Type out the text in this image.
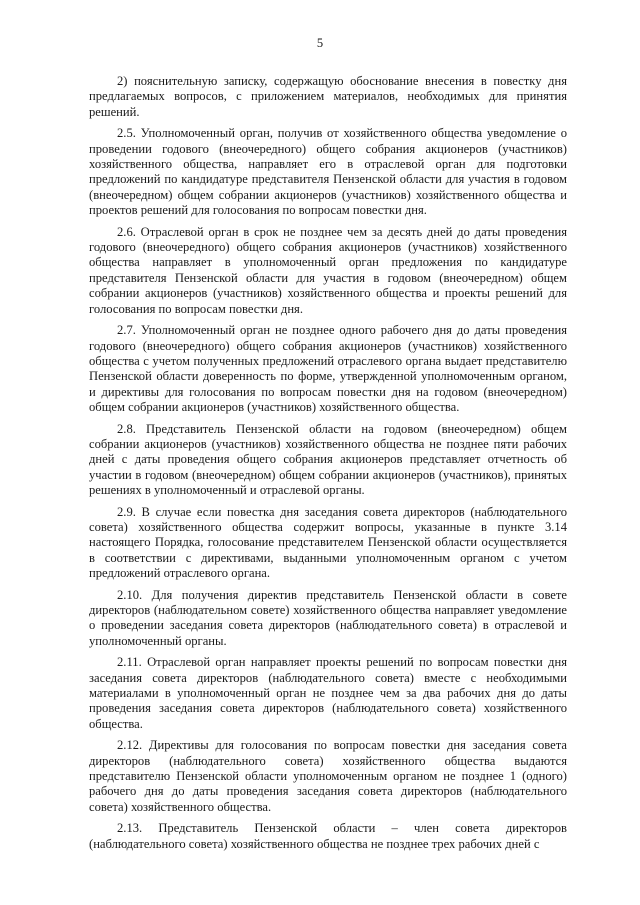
5

2) пояснительную записку, содержащую обоснование внесения в повестку дня предлагаемых вопросов, с приложением материалов, необходимых для принятия решений.

2.5. Уполномоченный орган, получив от хозяйственного общества уведомление о проведении годового (внеочередного) общего собрания акционеров (участников) хозяйственного общества, направляет его в отраслевой орган для подготовки предложений по кандидатуре представителя Пензенской области для участия в годовом (внеочередном) общем собрании акционеров (участников) хозяйственного общества и проектов решений для голосования по вопросам повестки дня.

2.6. Отраслевой орган в срок не позднее чем за десять дней до даты проведения годового (внеочередного) общего собрания акционеров (участников) хозяйственного общества направляет в уполномоченный орган предложения по кандидатуре представителя Пензенской области для участия в годовом (внеочередном) общем собрании акционеров (участников) хозяйственного общества и проекты решений для голосования по вопросам повестки дня.

2.7. Уполномоченный орган не позднее одного рабочего дня до даты проведения годового (внеочередного) общего собрания акционеров (участников) хозяйственного общества с учетом полученных предложений отраслевого органа выдает представителю Пензенской области доверенность по форме, утвержденной уполномоченным органом, и директивы для голосования по вопросам повестки дня на годовом (внеочередном) общем собрании акционеров (участников) хозяйственного общества.

2.8. Представитель Пензенской области на годовом (внеочередном) общем собрании акционеров (участников) хозяйственного общества не позднее пяти рабочих дней с даты проведения общего собрания акционеров представляет отчетность об участии в годовом (внеочередном) общем собрании акционеров (участников), принятых решениях в уполномоченный и отраслевой органы.

2.9. В случае если повестка дня заседания совета директоров (наблюдательного совета) хозяйственного общества содержит вопросы, указанные в пункте 3.14 настоящего Порядка, голосование представителем Пензенской области осуществляется в соответствии с директивами, выданными уполномоченным органом с учетом предложений отраслевого органа.

2.10. Для получения директив представитель Пензенской области в совете директоров (наблюдательном совете) хозяйственного общества направляет уведомление о проведении заседания совета директоров (наблюдательного совета) в отраслевой и уполномоченный органы.

2.11. Отраслевой орган направляет проекты решений по вопросам повестки дня заседания совета директоров (наблюдательного совета) вместе с необходимыми материалами в уполномоченный орган не позднее чем за два рабочих дня до даты проведения заседания совета директоров (наблюдательного совета) хозяйственного общества.

2.12. Директивы для голосования по вопросам повестки дня заседания совета директоров (наблюдательного совета) хозяйственного общества выдаются представителю Пензенской области уполномоченным органом не позднее 1 (одного) рабочего дня до даты проведения заседания совета директоров (наблюдательного совета) хозяйственного общества.

2.13. Представитель Пензенской области – член совета директоров (наблюдательного совета) хозяйственного общества не позднее трех рабочих дней с
